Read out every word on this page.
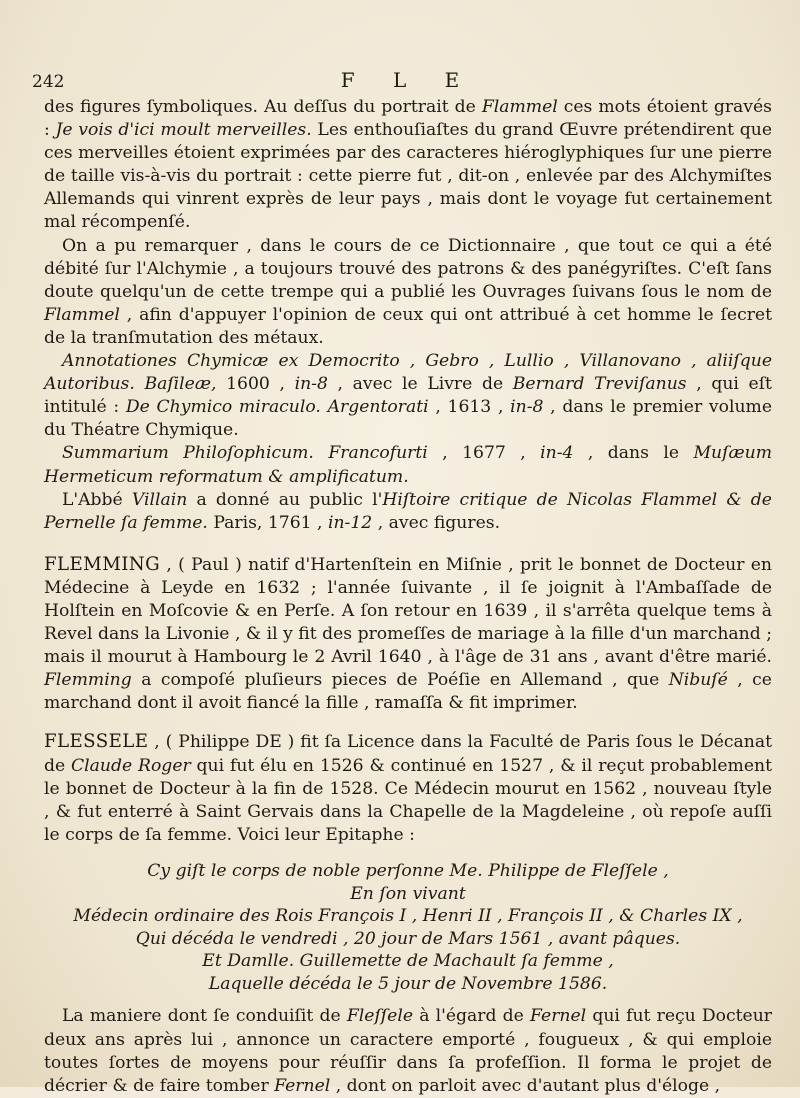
242	F L E

des figures ſymboliques. Au deſſus du portrait de Flammel ces mots étoient gravés : Je vois d'ici moult merveilles. Les enthouſiaſtes du grand Œuvre prétendirent que ces merveilles étoient exprimées par des caracteres hiéroglyphiques ſur une pierre de taille vis-à-vis du portrait : cette pierre fut , dit-on , enlevée par des Alchymiſtes Allemands qui vinrent exprès de leur pays , mais dont le voyage fut certainement mal récompenſé.

On a pu remarquer , dans le cours de ce Dictionnaire , que tout ce qui a été débité ſur l'Alchymie , a toujours trouvé des patrons & des panégyriſtes. C'eſt ſans doute quelqu'un de cette trempe qui a publié les Ouvrages ſuivans ſous le nom de Flammel , afin d'appuyer l'opinion de ceux qui ont attribué à cet homme le ſecret de la tranſmutation des métaux.

Annotationes Chymicæ ex Democrito , Gebro , Lullio , Villanovano , aliiſque Autoribus. Baſileæ, 1600 , in-8 , avec le Livre de Bernard Treviſanus , qui eſt intitulé : De Chymico miraculo. Argentorati , 1613 , in-8 , dans le premier volume du Théatre Chymique.

Summarium Philoſophicum. Francofurti , 1677 , in-4 , dans le Muſæum Hermeticum reformatum & amplificatum.

L'Abbé Villain a donné au public l'Hiſtoire critique de Nicolas Flammel & de Pernelle ſa femme. Paris, 1761 , in-12 , avec figures.

FLEMMING , ( Paul ) natif d'Hartenſtein en Miſnie , prit le bonnet de Docteur en Médecine à Leyde en 1632 ; l'année ſuivante , il ſe joignit à l'Ambaſſade de Holſtein en Moſcovie & en Perſe. A ſon retour en 1639 , il s'arrêta quelque tems à Revel dans la Livonie , & il y fit des promeſſes de mariage à la fille d'un marchand ; mais il mourut à Hambourg le 2 Avril 1640 , à l'âge de 31 ans , avant d'être marié. Flemming a compoſé pluſieurs pieces de Poéſie en Allemand , que Nibuſé , ce marchand dont il avoit fiancé la fille , ramaſſa & fit imprimer.

FLESSELE , ( Philippe DE ) fit ſa Licence dans la Faculté de Paris ſous le Décanat de Claude Roger qui fut élu en 1526 & continué en 1527 , & il reçut probablement le bonnet de Docteur à la fin de 1528. Ce Médecin mourut en 1562 , nouveau ſtyle , & fut enterré à Saint Gervais dans la Chapelle de la Magdeleine , où repoſe auſſi le corps de ſa femme. Voici leur Epitaphe :

Cy giſt le corps de noble perſonne Me. Philippe de Fleſſele ,
En ſon vivant
Médecin ordinaire des Rois François I , Henri II , François II , & Charles IX ,
Qui décéda le vendredi , 20 jour de Mars 1561 , avant pâques.
Et Damlle. Guillemette de Machault ſa femme ,
Laquelle décéda le 5 jour de Novembre 1586.

La maniere dont ſe conduiſit de Fleſſele à l'égard de Fernel qui fut reçu Docteur deux ans après lui , annonce un caractere emporté , fougueux , & qui emploie toutes ſortes de moyens pour réuſſir dans ſa profeſſion. Il forma le projet de décrier & de faire tomber Fernel , dont on parloit avec d'autant plus d'éloge ,
